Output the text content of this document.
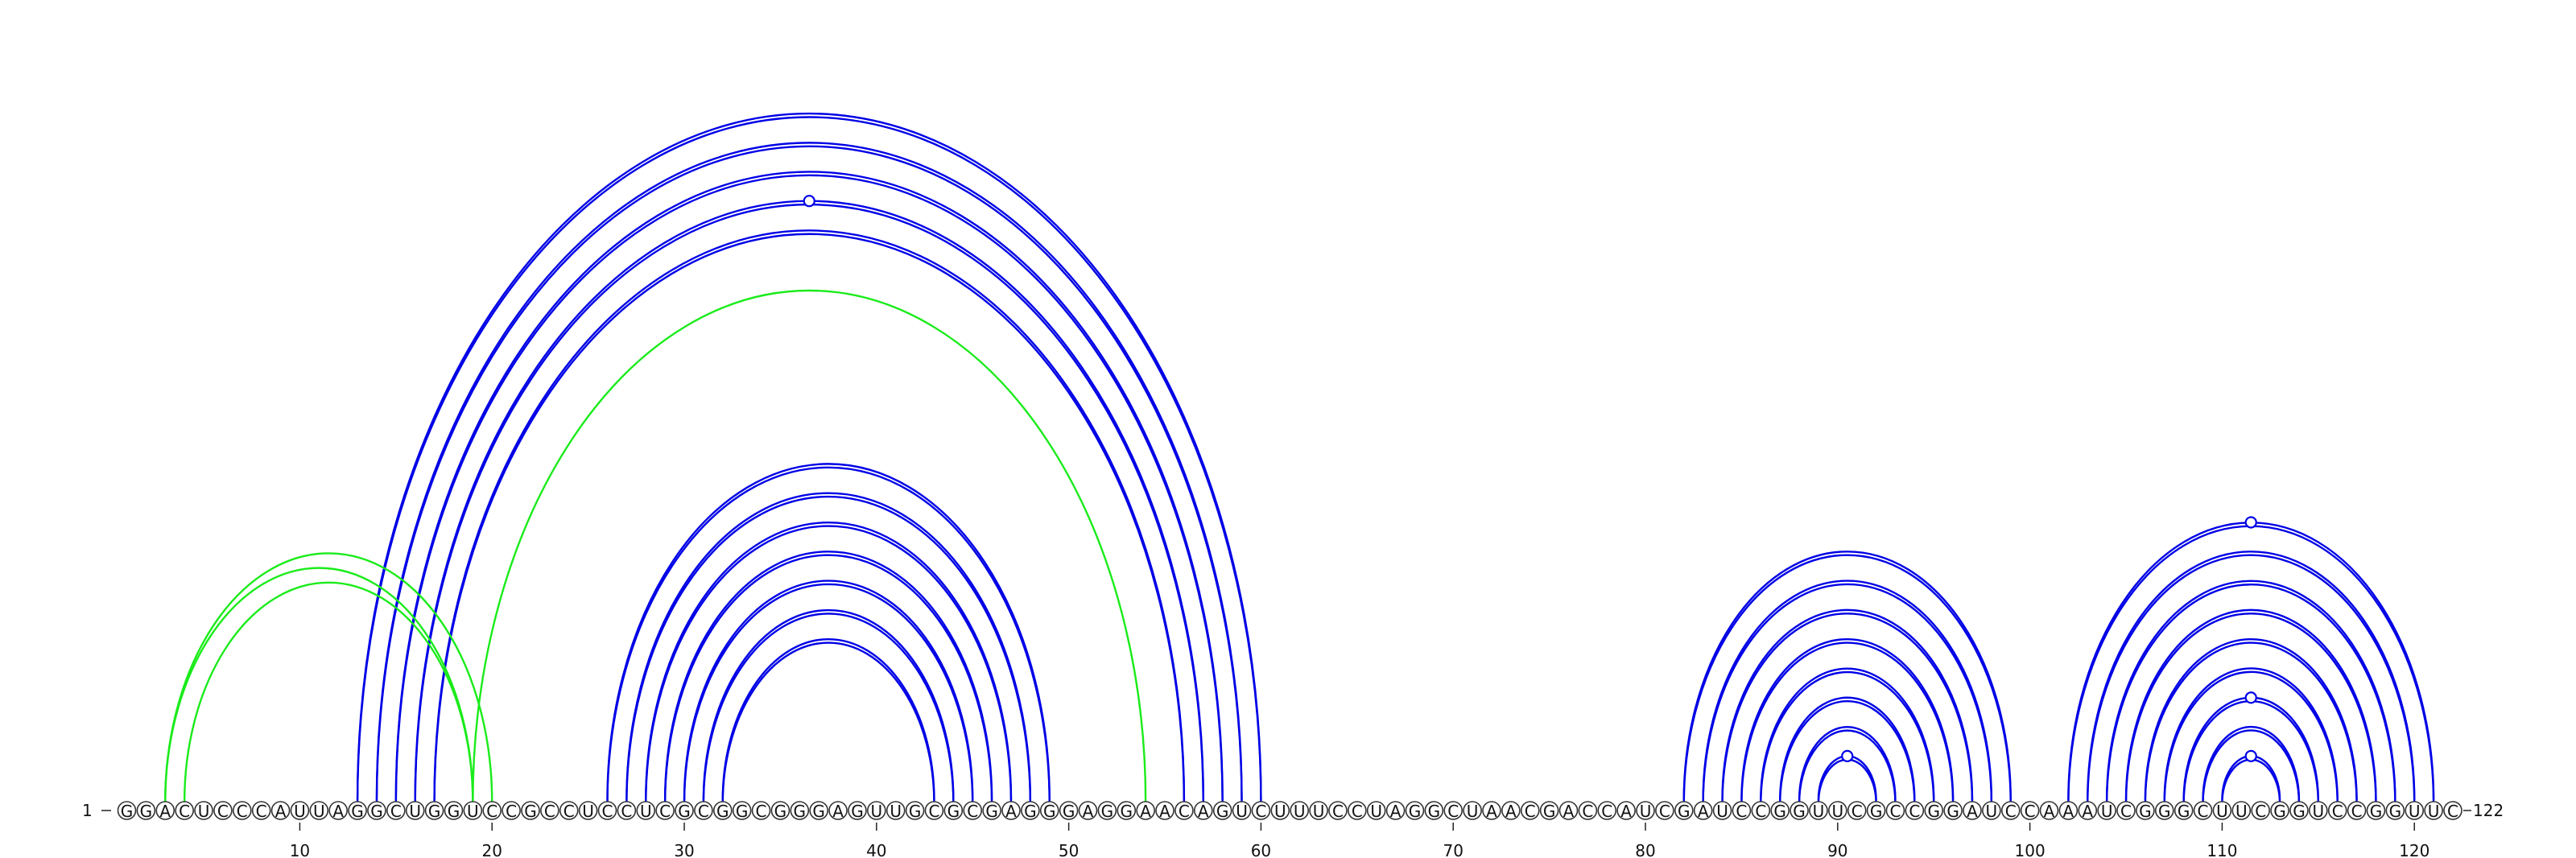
G G A C U C C C A U U A G G C U G G U C C G C C U C C U C G C G G C G G G A G U U G C G C G A G G G A G G A A C A G U C U U U C C U A G G C U A A C G A C C A U C G A U C C G G U U C G C C G G A U C C A A A U C G G G C U U C G G U C C G G U U C
10	20	30	40	50	60	70	80	90	100	110	120
1	122
